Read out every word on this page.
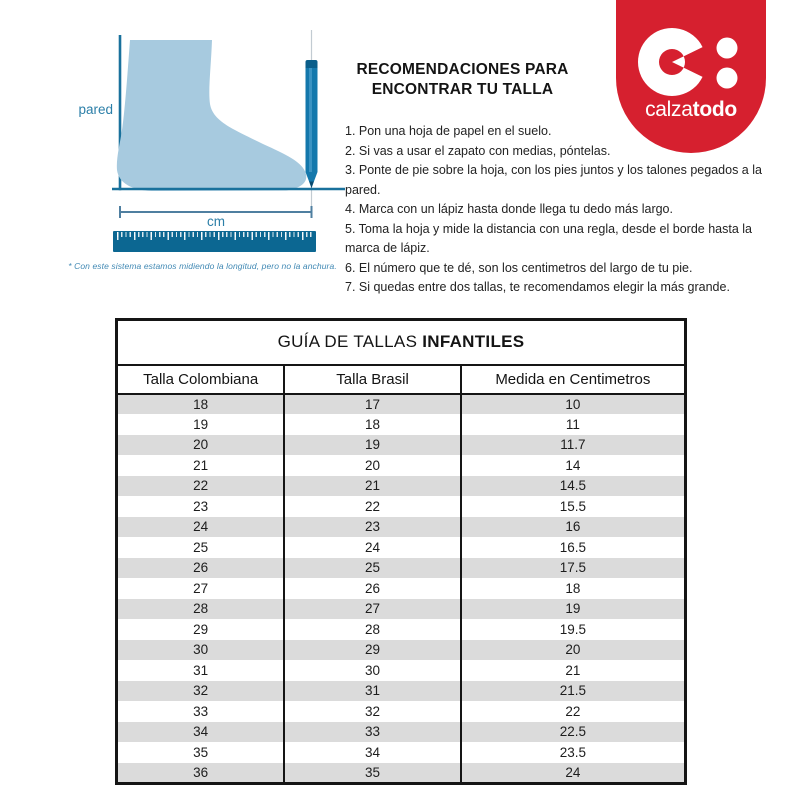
pared
cm
* Con este sistema estamos midiendo la longitud, pero no la anchura.
RECOMENDACIONES PARA
ENCONTRAR TU TALLA
1. Pon una hoja de papel en el suelo.
2. Si vas a usar el zapato con medias, póntelas.
3. Ponte de pie sobre la hoja, con los pies juntos y los talones pegados a la pared.
4. Marca con un lápiz hasta donde llega tu dedo más largo.
5. Toma la hoja y mide la distancia con una regla, desde el borde hasta la marca de lápiz.
6. El número que te dé, son los centimetros del largo de tu pie.
7. Si quedas entre dos tallas, te recomendamos elegir la más grande.
calzatodo
GUÍA DE TALLAS INFANTILES		
Talla Colombiana	Talla Brasil	Medida en Centimetros
18	17	10
19	18	11
20	19	11.7
21	20	14
22	21	14.5
23	22	15.5
24	23	16
25	24	16.5
26	25	17.5
27	26	18
28	27	19
29	28	19.5
30	29	20
31	30	21
32	31	21.5
33	32	22
34	33	22.5
35	34	23.5
36	35	24
